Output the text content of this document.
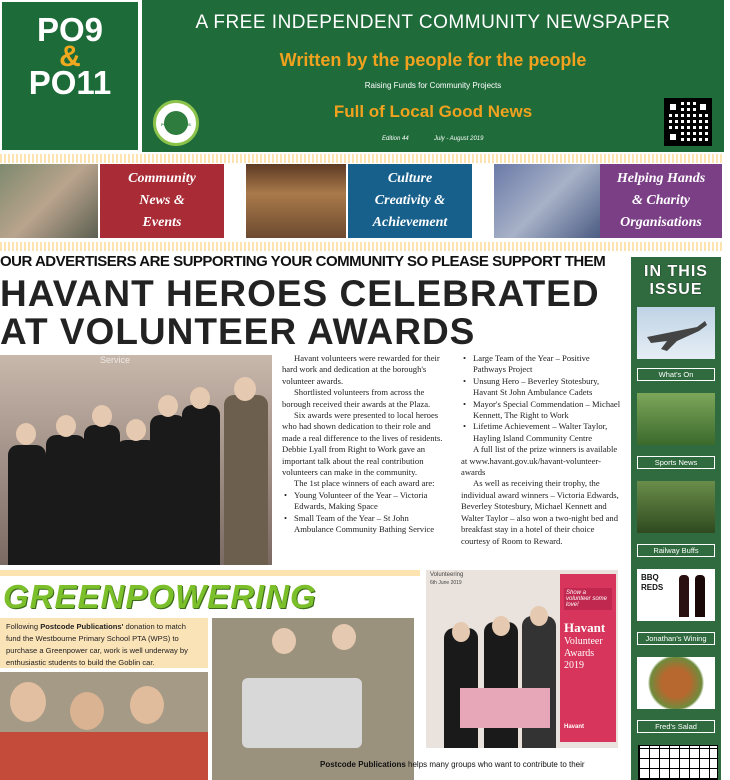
PO9
&
PO11
A FREE INDEPENDENT COMMUNITY NEWSPAPER
Written by the people for the people
Raising Funds for Community Projects
Full of Local Good News
Edition 44	July - August 2019
POSTCODE PUBLICATIONS
Community
News &
Events
Culture
Creativity &
Achievement
Helping Hands
& Charity
Organisations
OUR ADVERTISERS ARE SUPPORTING YOUR COMMUNITY SO PLEASE SUPPORT THEM
HAVANT HEROES CELEBRATED
AT VOLUNTEER AWARDS
Service	Havant volunteers were rewarded for their hard work and dedication at the borough's volunteer awards.

Shortlisted volunteers from across the borough received their awards at the Plaza.

Six awards were presented to local heroes who had shown dedication to their role and made a real difference to the lives of residents. Debbie Lyall from Right to Work gave an important talk about the real contribution volunteers can make in the community.

The 1st place winners of each award are:

• Young Volunteer of the Year – Victoria Edwards, Making Space
• Small Team of the Year – St John Ambulance Community Bathing Service
• Large Team of the Year – Positive Pathways Project
• Unsung Hero – Beverley Stotesbury, Havant St John Ambulance Cadets
• Mayor's Special Commendation – Michael Kennett, The Right to Work
• Lifetime Achievement – Walter Taylor, Hayling Island Community Centre

A full list of the prize winners is available at www.havant.gov.uk/havant-volunteer-awards

As well as receiving their trophy, the individual award winners – Victoria Edwards, Beverley Stotesbury, Michael Kennett and Walter Taylor – also won a two-night bed and breakfast stay in a hotel of their choice courtesy of Room to Reward.

IN THIS
ISSUE
What's On
Sports News
Railway Buffs
BBQ
REDS
Jonathan's Wining
Fred's Salad
GREENPOWERING
Following Postcode Publications' donation to match fund the Westbourne Primary School PTA (WPS) to purchase a Greenpower car, work is well underway by enthusiastic students to build the Goblin car.
Volunteering
6th June 2019
Show a volunteer some love!
Havant
Volunteer
Awards
2019
Havant
Postcode Publications helps many groups who want to contribute to their
